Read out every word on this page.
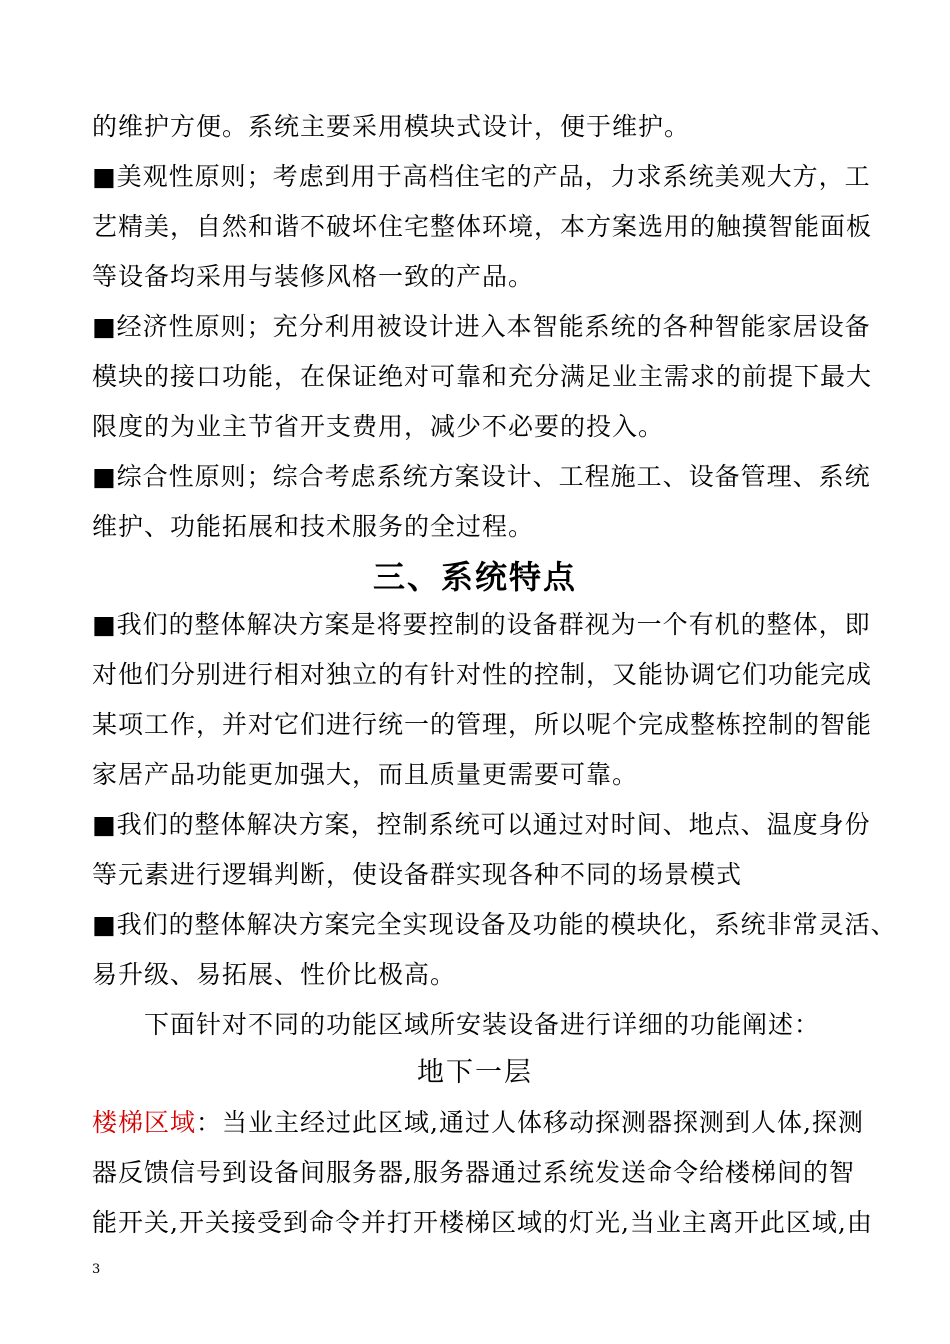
的维护方便。系统主要采用模块式设计，便于维护。
■美观性原则；考虑到用于高档住宅的产品，力求系统美观大方，工
艺精美，自然和谐不破坏住宅整体环境，本方案选用的触摸智能面板
等设备均采用与装修风格一致的产品。
■经济性原则；充分利用被设计进入本智能系统的各种智能家居设备
模块的接口功能，在保证绝对可靠和充分满足业主需求的前提下最大
限度的为业主节省开支费用，减少不必要的投入。
■综合性原则；综合考虑系统方案设计、工程施工、设备管理、系统
维护、功能拓展和技术服务的全过程。
三、系统特点
■我们的整体解决方案是将要控制的设备群视为一个有机的整体，即
对他们分别进行相对独立的有针对性的控制，又能协调它们功能完成
某项工作，并对它们进行统一的管理，所以呢个完成整栋控制的智能
家居产品功能更加强大，而且质量更需要可靠。
■我们的整体解决方案，控制系统可以通过对时间、地点、温度身份
等元素进行逻辑判断，使设备群实现各种不同的场景模式
■我们的整体解决方案完全实现设备及功能的模块化，系统非常灵活、
易升级、易拓展、性价比极高。
　　下面针对不同的功能区域所安装设备进行详细的功能阐述：
地下一层
楼梯区域：当业主经过此区域,通过人体移动探测器探测到人体,探测
器反馈信号到设备间服务器,服务器通过系统发送命令给楼梯间的智
能开关,开关接受到命令并打开楼梯区域的灯光,当业主离开此区域,由
3
